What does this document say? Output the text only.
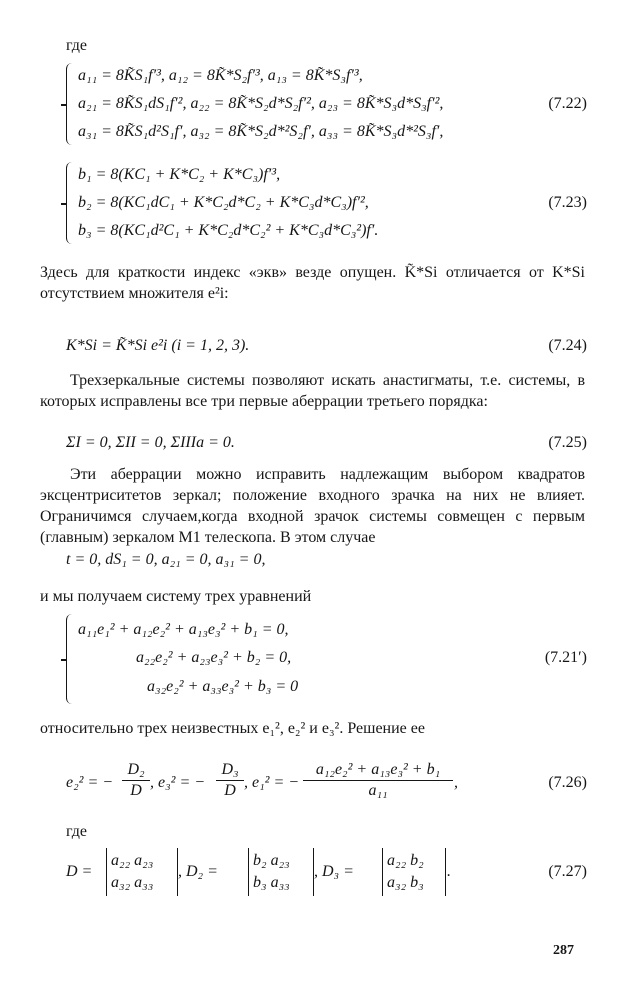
где
a₁₁ = 8K̃S₁f′³, a₁₂ = 8K̃*S₂f′³, a₁₃ = 8K̃*S₃f′³,
a₂₁ = 8K̃S₁dS₁f′², a₂₂ = 8K̃*S₂d*S₂f′², a₂₃ = 8K̃*S₃d*S₃f′²,
a₃₁ = 8K̃S₁d²S₁f′, a₃₂ = 8K̃*S₂d*²S₂f′, a₃₃ = 8K̃*S₃d*²S₃f′,
(7.22)
b₁ = 8(KC₁ + K*C₂ + K*C₃)f′³,
b₂ = 8(KC₁dC₁ + K*C₂d*C₂ + K*C₃d*C₃)f′²,
b₃ = 8(KC₁d²C₁ + K*C₂d*C₂² + K*C₃d*C₃²)f′.
(7.23)
Здесь для краткости индекс «экв» везде опущен. K̃*Si отличается от K*Si отсутствием множителя e²i:
K*Si = K̃*Si e²i (i = 1, 2, 3).	(7.24)
Трехзеркальные системы позволяют искать анастигматы, т.е. системы, в которых исправлены все три первые аберрации третьего порядка:
ΣI = 0, ΣII = 0, ΣIIIa = 0.	(7.25)
Эти аберрации можно исправить надлежащим выбором квадратов эксцентриситетов зеркал; положение входного зрачка на них не влияет. Ограничимся случаем,когда входной зрачок системы совмещен с первым (главным) зеркалом M1 телескопа. В этом случае
t = 0, dS₁ = 0, a₂₁ = 0, a₃₁ = 0,
и мы получаем систему трех уравнений
a₁₁e₁² + a₁₂e₂² + a₁₃e₃² + b₁ = 0,
a₂₂e₂² + a₂₃e₃² + b₂ = 0,
a₃₂e₂² + a₃₃e₃² + b₃ = 0
(7.21′)
относительно трех неизвестных e₁², e₂² и e₃². Решение ее
e₂² = − $\frac{\text{D₂}}{D}$ , e₃² = − $\frac{\text{D₃}}{D}$ , e₁² = − $\frac{\text{a₁₂e₂² + a₁₃e₃² + b₁}}{\text{a₁₁}}$ ,	(7.26)
где
D =
a₂₂ a₂₃
a₃₂ a₃₃
, D₂ =
b₂ a₂₃
b₃ a₃₃
, D₃ =
a₂₂ b₂
a₃₂ b₃
.	(7.27)
287
